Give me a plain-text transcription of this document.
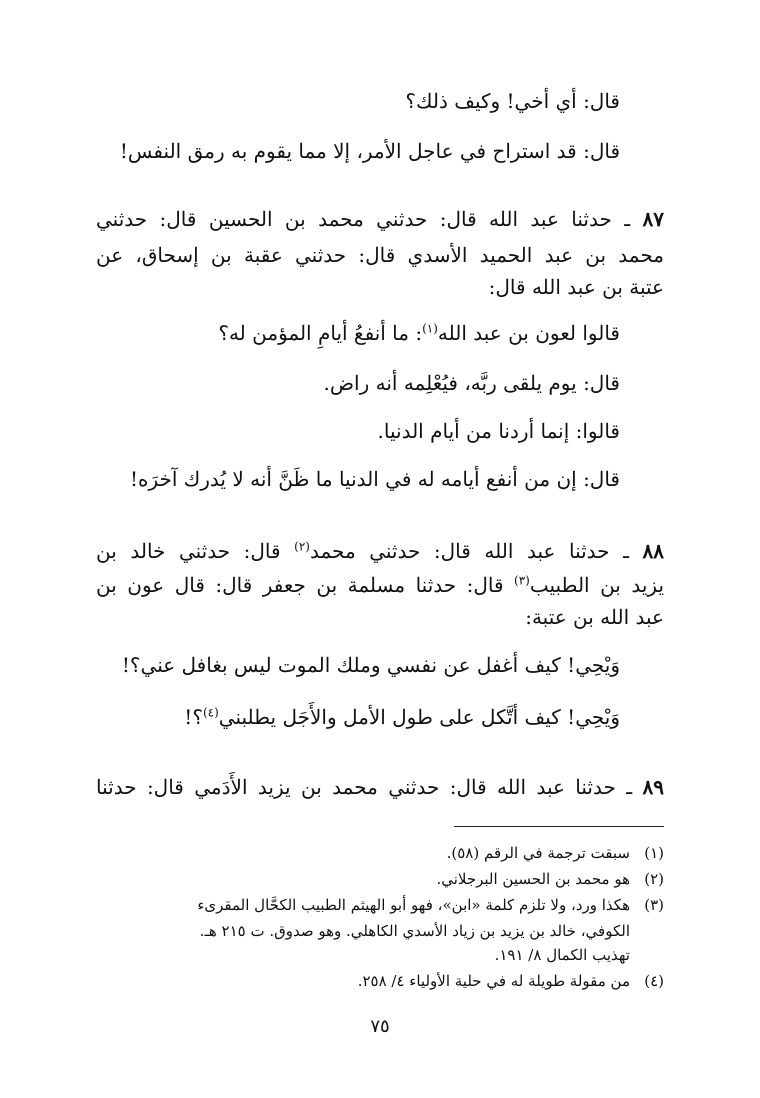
قال: أي أخي! وكيف ذلك؟
قال: قد استراح في عاجل الأمر، إلا مما يقوم به رمق النفس!
٨٧ ـ حدثنا عبد الله قال: حدثني محمد بن الحسين قال: حدثني
محمد بن عبد الحميد الأسدي قال: حدثني عقبة بن إسحاق، عن
عتبة بن عبد الله قال:
قالوا لعون بن عبد الله$^{(١)}$: ما أنفعُ أيامِ المؤمن له؟
قال: يوم يلقى ربَّه، فيُعْلِمه أنه راض.
قالوا: إنما أردنا من أيام الدنيا.
قال: إن من أنفع أيامه له في الدنيا ما ظَنَّ أنه لا يُدرك آخرَه!
٨٨ ـ حدثنا عبد الله قال: حدثني محمد$^{(٢)}$ قال: حدثني خالد بن
يزيد بن الطبيب$^{(٣)}$ قال: حدثنا مسلمة بن جعفر قال: قال عون بن
عبد الله بن عتبة:
وَيْحِي! كيف أغفل عن نفسي وملك الموت ليس بغافل عني؟!
وَيْحِي! كيف أتَّكل على طول الأمل والأَجَل يطلبني$^{(٤)}$؟!
٨٩ ـ حدثنا عبد الله قال: حدثني محمد بن يزيد الأَدَمي قال: حدثنا
(١)سبقت ترجمة في الرقم (٥٨).
(٢)هو محمد بن الحسين البرجلاني.
(٣)هكذا ورد، ولا تلزم كلمة «ابن»، فهو أبو الهيثم الطبيب الكحَّال المقرىء
الكوفي، خالد بن يزيد بن زياد الأسدي الكاهلي. وهو صدوق. ت ٢١٥ هـ.
تهذيب الكمال ٨/ ١٩١.
(٤)من مقولة طويلة له في حلية الأولياء ٤/ ٢٥٨.
٧٥
